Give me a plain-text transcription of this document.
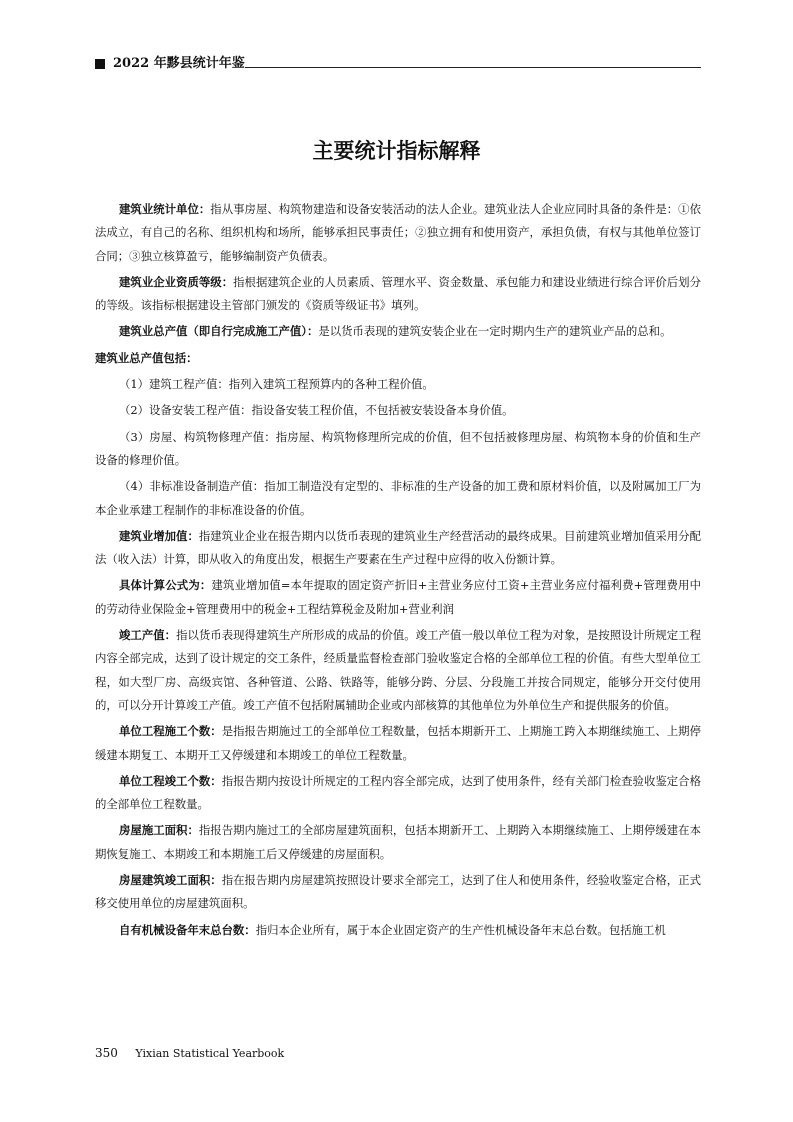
2022 年黟县统计年鉴
主要统计指标解释

建筑业统计单位：指从事房屋、构筑物建造和设备安装活动的法人企业。建筑业法人企业应同时具备的条件是：①依法成立，有自己的名称、组织机构和场所，能够承担民事责任；②独立拥有和使用资产，承担负债，有权与其他单位签订合同；③独立核算盈亏，能够编制资产负债表。

建筑业企业资质等级：指根据建筑企业的人员素质、管理水平、资金数量、承包能力和建设业绩进行综合评价后划分的等级。该指标根据建设主管部门颁发的《资质等级证书》填列。

建筑业总产值（即自行完成施工产值）：是以货币表现的建筑安装企业在一定时期内生产的建筑业产品的总和。

建筑业总产值包括：

（1）建筑工程产值：指列入建筑工程预算内的各种工程价值。

（2）设备安装工程产值：指设备安装工程价值，不包括被安装设备本身价值。

（3）房屋、构筑物修理产值：指房屋、构筑物修理所完成的价值，但不包括被修理房屋、构筑物本身的价值和生产设备的修理价值。

（4）非标准设备制造产值：指加工制造没有定型的、非标准的生产设备的加工费和原材料价值，以及附属加工厂为本企业承建工程制作的非标准设备的价值。

建筑业增加值：指建筑业企业在报告期内以货币表现的建筑业生产经营活动的最终成果。目前建筑业增加值采用分配法（收入法）计算，即从收入的角度出发，根据生产要素在生产过程中应得的收入份额计算。

具体计算公式为：建筑业增加值=本年提取的固定资产折旧+主营业务应付工资+主营业务应付福利费+管理费用中的劳动待业保险金+管理费用中的税金+工程结算税金及附加+营业利润

竣工产值：指以货币表现得建筑生产所形成的成品的价值。竣工产值一般以单位工程为对象，是按照设计所规定工程内容全部完成，达到了设计规定的交工条件，经质量监督检查部门验收鉴定合格的全部单位工程的价值。有些大型单位工程，如大型厂房、高级宾馆、各种管道、公路、铁路等，能够分跨、分层、分段施工并按合同规定，能够分开交付使用的，可以分开计算竣工产值。竣工产值不包括附属辅助企业或内部核算的其他单位为外单位生产和提供服务的价值。

单位工程施工个数：是指报告期施过工的全部单位工程数量，包括本期新开工、上期施工跨入本期继续施工、上期停缓建本期复工、本期开工又停缓建和本期竣工的单位工程数量。

单位工程竣工个数：指报告期内按设计所规定的工程内容全部完成，达到了使用条件，经有关部门检查验收鉴定合格的全部单位工程数量。

房屋施工面积：指报告期内施过工的全部房屋建筑面积，包括本期新开工、上期跨入本期继续施工、上期停缓建在本期恢复施工、本期竣工和本期施工后又停缓建的房屋面积。

房屋建筑竣工面积：指在报告期内房屋建筑按照设计要求全部完工，达到了住人和使用条件，经验收鉴定合格，正式移交使用单位的房屋建筑面积。

自有机械设备年末总台数：指归本企业所有，属于本企业固定资产的生产性机械设备年末总台数。包括施工机

350 Yixian Statistical Yearbook
